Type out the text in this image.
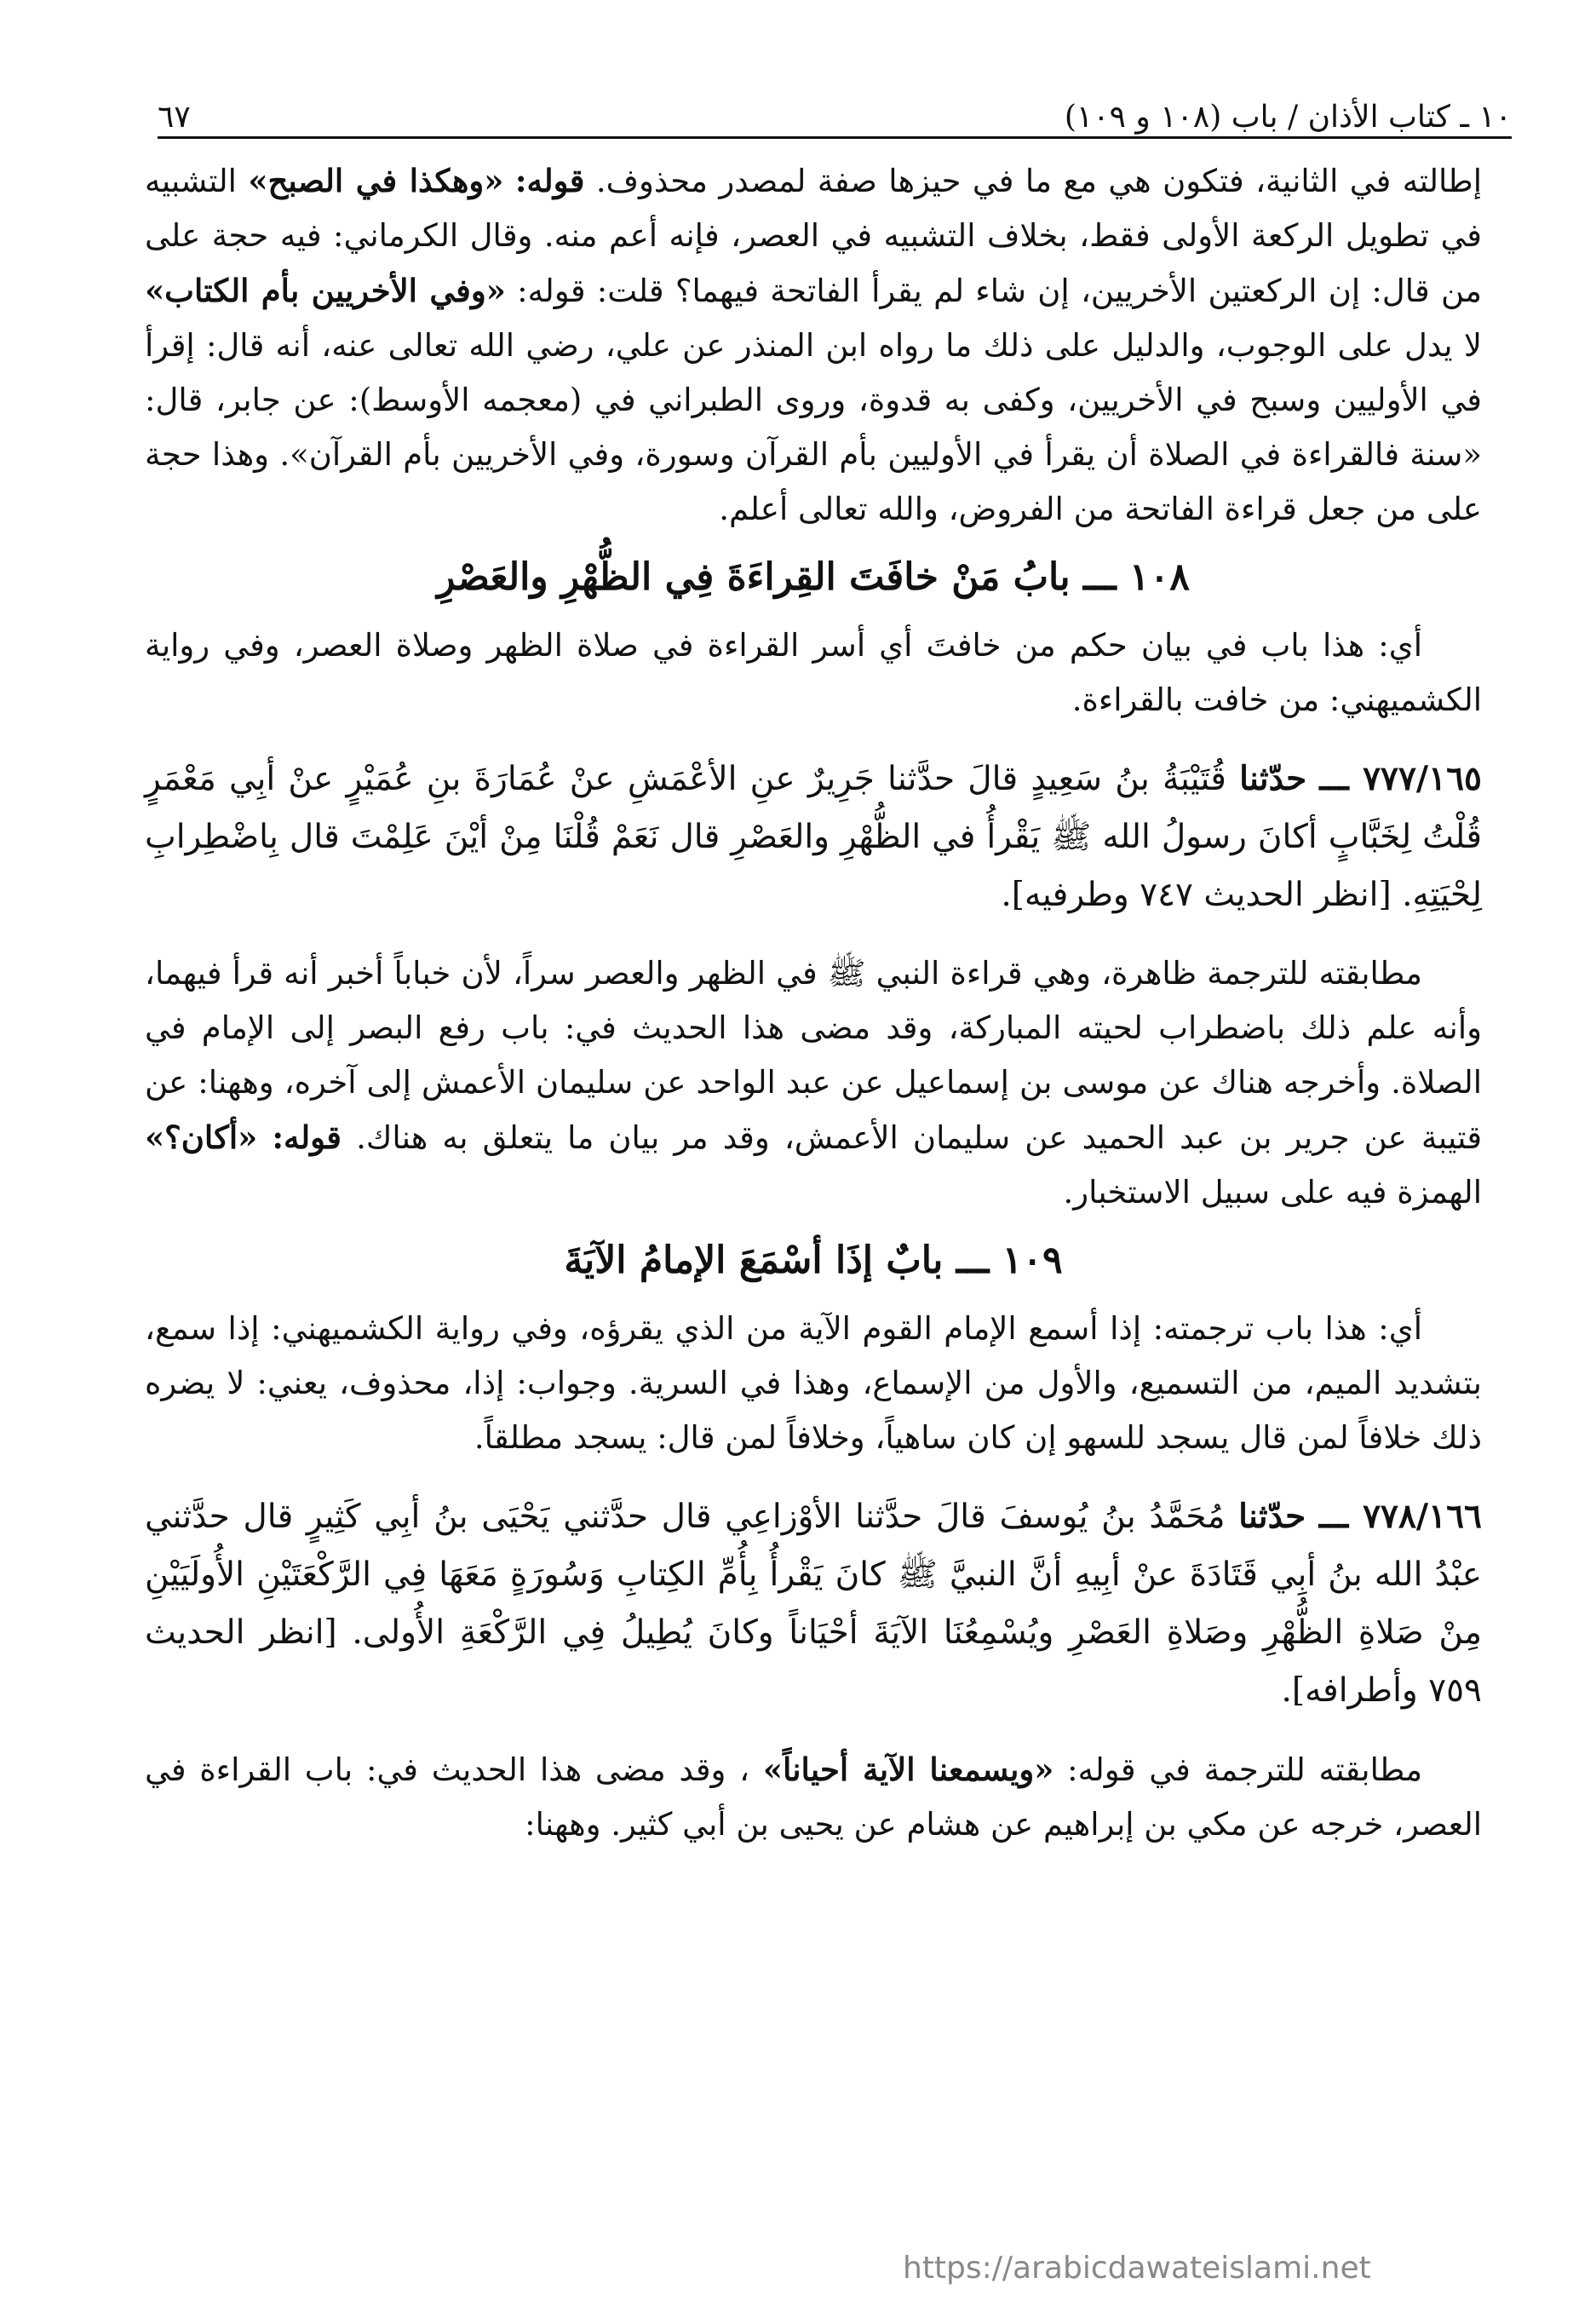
١٠ ـ كتاب الأذان / باب (١٠٨ و ١٠٩)
٦٧

إطالته في الثانية، فتكون هي مع ما في حيزها صفة لمصدر محذوف. قوله: «وهكذا في الصبح» التشبيه في تطويل الركعة الأولى فقط، بخلاف التشبيه في العصر، فإنه أعم منه. وقال الكرماني: فيه حجة على من قال: إن الركعتين الأخريين، إن شاء لم يقرأ الفاتحة فيهما؟ قلت: قوله: «وفي الأخريين بأم الكتاب» لا يدل على الوجوب، والدليل على ذلك ما رواه ابن المنذر عن علي، رضي الله تعالى عنه، أنه قال: إقرأ في الأوليين وسبح في الأخريين، وكفى به قدوة، وروى الطبراني في (معجمه الأوسط): عن جابر، قال: «سنة فالقراءة في الصلاة أن يقرأ في الأوليين بأم القرآن وسورة، وفي الأخريين بأم القرآن». وهذا حجة على من جعل قراءة الفاتحة من الفروض، والله تعالى أعلم.

١٠٨ ـــ بابُ مَنْ خافَتَ القِراءَةَ فِي الظُّهْرِ والعَصْرِ

أي: هذا باب في بيان حكم من خافتَ أي أسر القراءة في صلاة الظهر وصلاة العصر، وفي رواية الكشميهني: من خافت بالقراءة.

٧٧٧/١٦٥ ـــ حدّثنا قُتَيْبَةُ بنُ سَعِيدٍ قالَ حدَّثنا جَرِيرٌ عنِ الأعْمَشِ عنْ عُمَارَةَ بنِ عُمَيْرٍ عنْ أبِي مَعْمَرٍ قُلْتُ لِخَبَّابٍ أكانَ رسولُ الله ﷺ يَقْرأُ في الظُّهْرِ والعَصْرِ قال نَعَمْ قُلْنَا مِنْ أيْنَ عَلِمْتَ قال بِاضْطِرابِ لِحْيَتِهِ. [انظر الحديث ٧٤٧ وطرفيه].

مطابقته للترجمة ظاهرة، وهي قراءة النبي ﷺ في الظهر والعصر سراً، لأن خباباً أخبر أنه قرأ فيهما، وأنه علم ذلك باضطراب لحيته المباركة، وقد مضى هذا الحديث في: باب رفع البصر إلى الإمام في الصلاة. وأخرجه هناك عن موسى بن إسماعيل عن عبد الواحد عن سليمان الأعمش إلى آخره، وههنا: عن قتيبة عن جرير بن عبد الحميد عن سليمان الأعمش، وقد مر بيان ما يتعلق به هناك. قوله: «أكان؟» الهمزة فيه على سبيل الاستخبار.

١٠٩ ـــ بابٌ إذَا أسْمَعَ الإمامُ الآيَةَ

أي: هذا باب ترجمته: إذا أسمع الإمام القوم الآية من الذي يقرؤه، وفي رواية الكشميهني: إذا سمع، بتشديد الميم، من التسميع، والأول من الإسماع، وهذا في السرية. وجواب: إذا، محذوف، يعني: لا يضره ذلك خلافاً لمن قال يسجد للسهو إن كان ساهياً، وخلافاً لمن قال: يسجد مطلقاً.

٧٧٨/١٦٦ ـــ حدّثنا مُحَمَّدُ بنُ يُوسفَ قالَ حدَّثنا الأوْزاعِي قال حدَّثني يَحْيَى بنُ أبِي كَثِيرٍ قال حدَّثني عبْدُ الله بنُ أبِي قَتَادَةَ عنْ أبِيهِ أنَّ النبيَّ ﷺ كانَ يَقْرأُ بِأُمِّ الكِتابِ وَسُورَةٍ مَعَهَا فِي الرَّكْعَتَيْنِ الأُولَيَيْنِ مِنْ صَلاةِ الظُّهْرِ وصَلاةِ العَصْرِ ويُسْمِعُنَا الآيَةَ أحْيَاناً وكانَ يُطِيلُ فِي الرَّكْعَةِ الأُولى. [انظر الحديث ٧٥٩ وأطرافه].

مطابقته للترجمة في قوله: «ويسمعنا الآية أحياناً» ، وقد مضى هذا الحديث في: باب القراءة في العصر، خرجه عن مكي بن إبراهيم عن هشام عن يحيى بن أبي كثير. وههنا:

https://arabicdawateislami.net
